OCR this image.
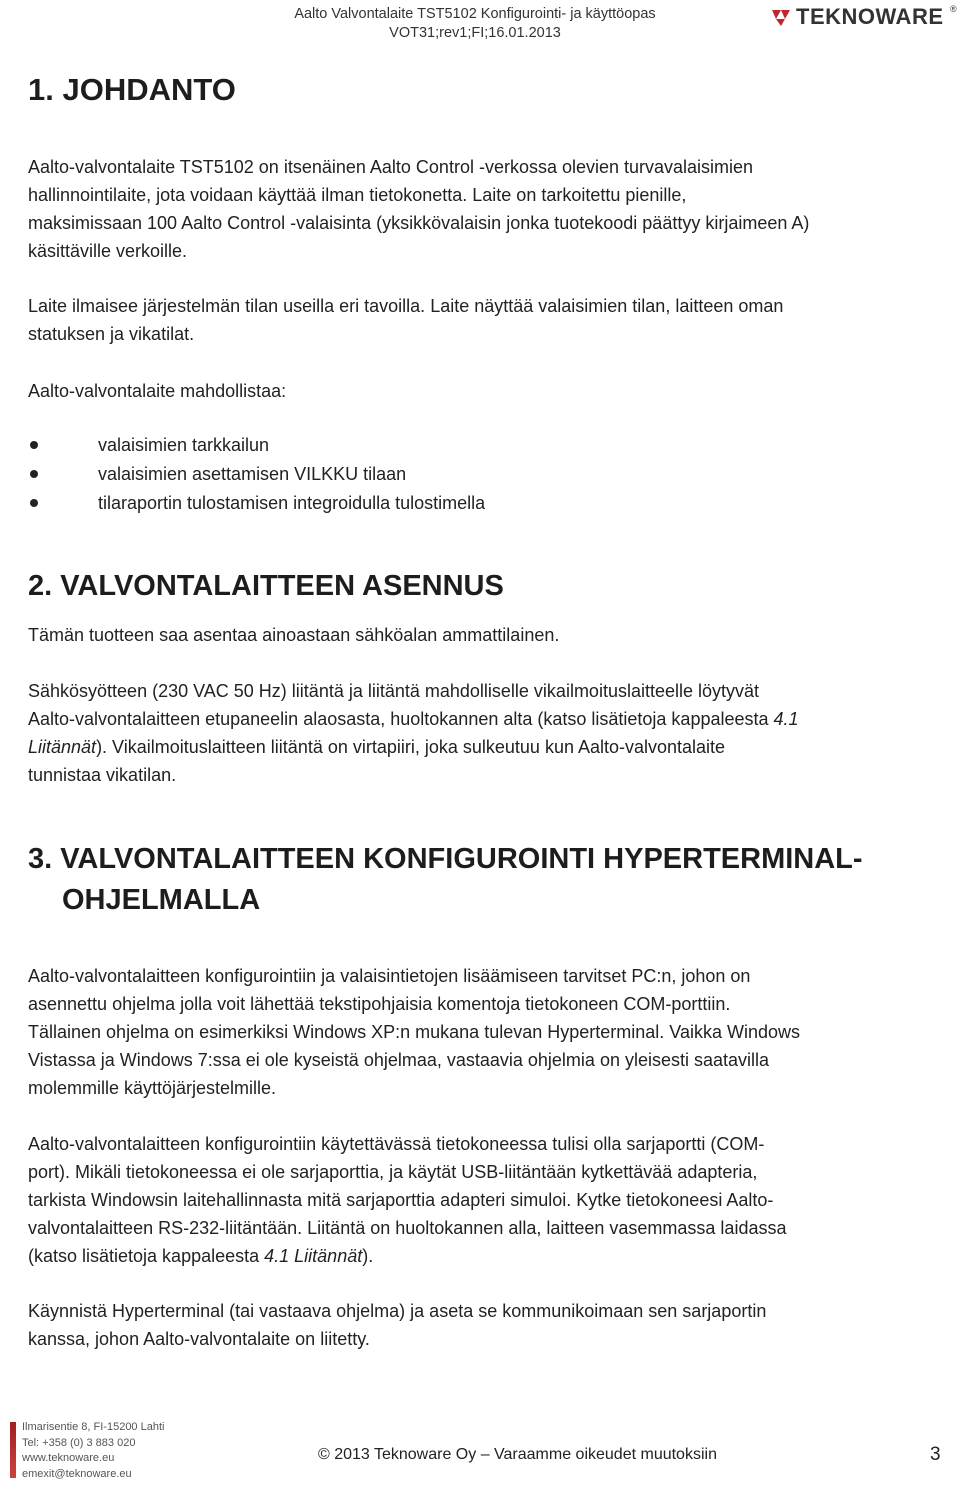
Aalto Valvontalaite TST5102 Konfigurointi- ja käyttöopas
VOT31;rev1;FI;16.01.2013
TEKNOWARE ®
1. JOHDANTO
Aalto-valvontalaite TST5102 on itsenäinen Aalto Control -verkossa olevien turvavalaisimien
hallinnointilaite, jota voidaan käyttää ilman tietokonetta. Laite on tarkoitettu pienille,
maksimissaan 100 Aalto Control -valaisinta (yksikkövalaisin jonka tuotekoodi päättyy kirjaimeen A)
käsittäville verkoille.
Laite ilmaisee järjestelmän tilan useilla eri tavoilla. Laite näyttää valaisimien tilan, laitteen oman
statuksen ja vikatilat.
Aalto-valvontalaite mahdollistaa:
valaisimien tarkkailun
valaisimien asettamisen VILKKU tilaan
tilaraportin tulostamisen integroidulla tulostimella
2. VALVONTALAITTEEN ASENNUS
Tämän tuotteen saa asentaa ainoastaan sähköalan ammattilainen.
Sähkösyötteen (230 VAC 50 Hz) liitäntä ja liitäntä mahdolliselle vikailmoituslaitteelle löytyvät
Aalto-valvontalaitteen etupaneelin alaosasta, huoltokannen alta (katso lisätietoja kappaleesta 4.1
Liitännät). Vikailmoituslaitteen liitäntä on virtapiiri, joka sulkeutuu kun Aalto-valvontalaite
tunnistaa vikatilan.
3. VALVONTALAITTEEN KONFIGUROINTI HYPERTERMINAL-
OHJELMALLA
Aalto-valvontalaitteen konfigurointiin ja valaisintietojen lisäämiseen tarvitset PC:n, johon on
asennettu ohjelma jolla voit lähettää tekstipohjaisia komentoja tietokoneen COM-porttiin.
Tällainen ohjelma on esimerkiksi Windows XP:n mukana tulevan Hyperterminal. Vaikka Windows
Vistassa ja Windows 7:ssa ei ole kyseistä ohjelmaa, vastaavia ohjelmia on yleisesti saatavilla
molemmille käyttöjärjestelmille.
Aalto-valvontalaitteen konfigurointiin käytettävässä tietokoneessa tulisi olla sarjaportti (COM-
port). Mikäli tietokoneessa ei ole sarjaporttia, ja käytät USB-liitäntään kytkettävää adapteria,
tarkista Windowsin laitehallinnasta mitä sarjaporttia adapteri simuloi. Kytke tietokoneesi Aalto-
valvontalaitteen RS-232-liitäntään. Liitäntä on huoltokannen alla, laitteen vasemmassa laidassa
(katso lisätietoja kappaleesta 4.1 Liitännät).
Käynnistä Hyperterminal (tai vastaava ohjelma) ja aseta se kommunikoimaan sen sarjaportin
kanssa, johon Aalto-valvontalaite on liitetty.
Ilmarisentie 8, FI-15200 Lahti
Tel: +358 (0) 3 883 020
www.teknoware.eu
emexit@teknoware.eu
© 2013 Teknoware Oy – Varaamme oikeudet muutoksiin	3
